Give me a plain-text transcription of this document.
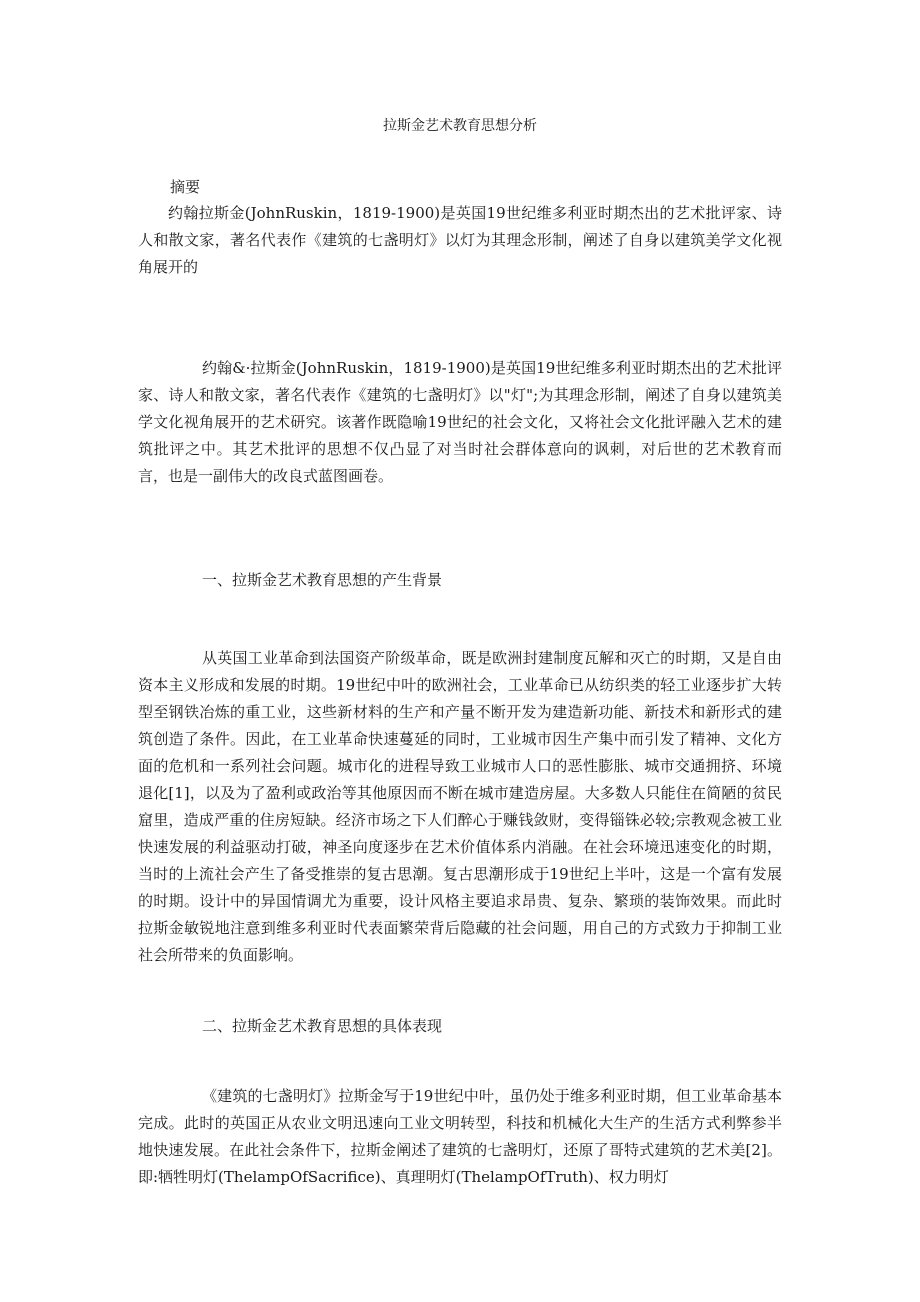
拉斯金艺术教育思想分析
摘要

约翰拉斯金(JohnRuskin，1819-1900)是英国19世纪维多利亚时期杰出的艺术批评家、诗人和散文家，著名代表作《建筑的七盏明灯》以灯为其理念形制，阐述了自身以建筑美学文化视角展开的

约翰&·拉斯金(JohnRuskin，1819-1900)是英国19世纪维多利亚时期杰出的艺术批评家、诗人和散文家，著名代表作《建筑的七盏明灯》以"灯";为其理念形制，阐述了自身以建筑美学文化视角展开的艺术研究。该著作既隐喻19世纪的社会文化，又将社会文化批评融入艺术的建筑批评之中。其艺术批评的思想不仅凸显了对当时社会群体意向的讽刺，对后世的艺术教育而言，也是一副伟大的改良式蓝图画卷。

一、拉斯金艺术教育思想的产生背景

从英国工业革命到法国资产阶级革命，既是欧洲封建制度瓦解和灭亡的时期，又是自由资本主义形成和发展的时期。19世纪中叶的欧洲社会，工业革命已从纺织类的轻工业逐步扩大转型至钢铁冶炼的重工业，这些新材料的生产和产量不断开发为建造新功能、新技术和新形式的建筑创造了条件。因此，在工业革命快速蔓延的同时，工业城市因生产集中而引发了精神、文化方面的危机和一系列社会问题。城市化的进程导致工业城市人口的恶性膨胀、城市交通拥挤、环境退化[1]，以及为了盈利或政治等其他原因而不断在城市建造房屋。大多数人只能住在简陋的贫民窟里，造成严重的住房短缺。经济市场之下人们醉心于赚钱敛财，变得锱铢必较;宗教观念被工业快速发展的利益驱动打破，神圣向度逐步在艺术价值体系内消融。在社会环境迅速变化的时期，当时的上流社会产生了备受推崇的复古思潮。复古思潮形成于19世纪上半叶，这是一个富有发展的时期。设计中的异国情调尤为重要，设计风格主要追求昂贵、复杂、繁琐的装饰效果。而此时拉斯金敏锐地注意到维多利亚时代表面繁荣背后隐藏的社会问题，用自己的方式致力于抑制工业社会所带来的负面影响。

二、拉斯金艺术教育思想的具体表现

《建筑的七盏明灯》拉斯金写于19世纪中叶，虽仍处于维多利亚时期，但工业革命基本完成。此时的英国正从农业文明迅速向工业文明转型，科技和机械化大生产的生活方式利弊参半地快速发展。在此社会条件下，拉斯金阐述了建筑的七盏明灯，还原了哥特式建筑的艺术美[2]。即:牺牲明灯(ThelampOfSacrifice)、真理明灯(ThelampOfTruth)、权力明灯
